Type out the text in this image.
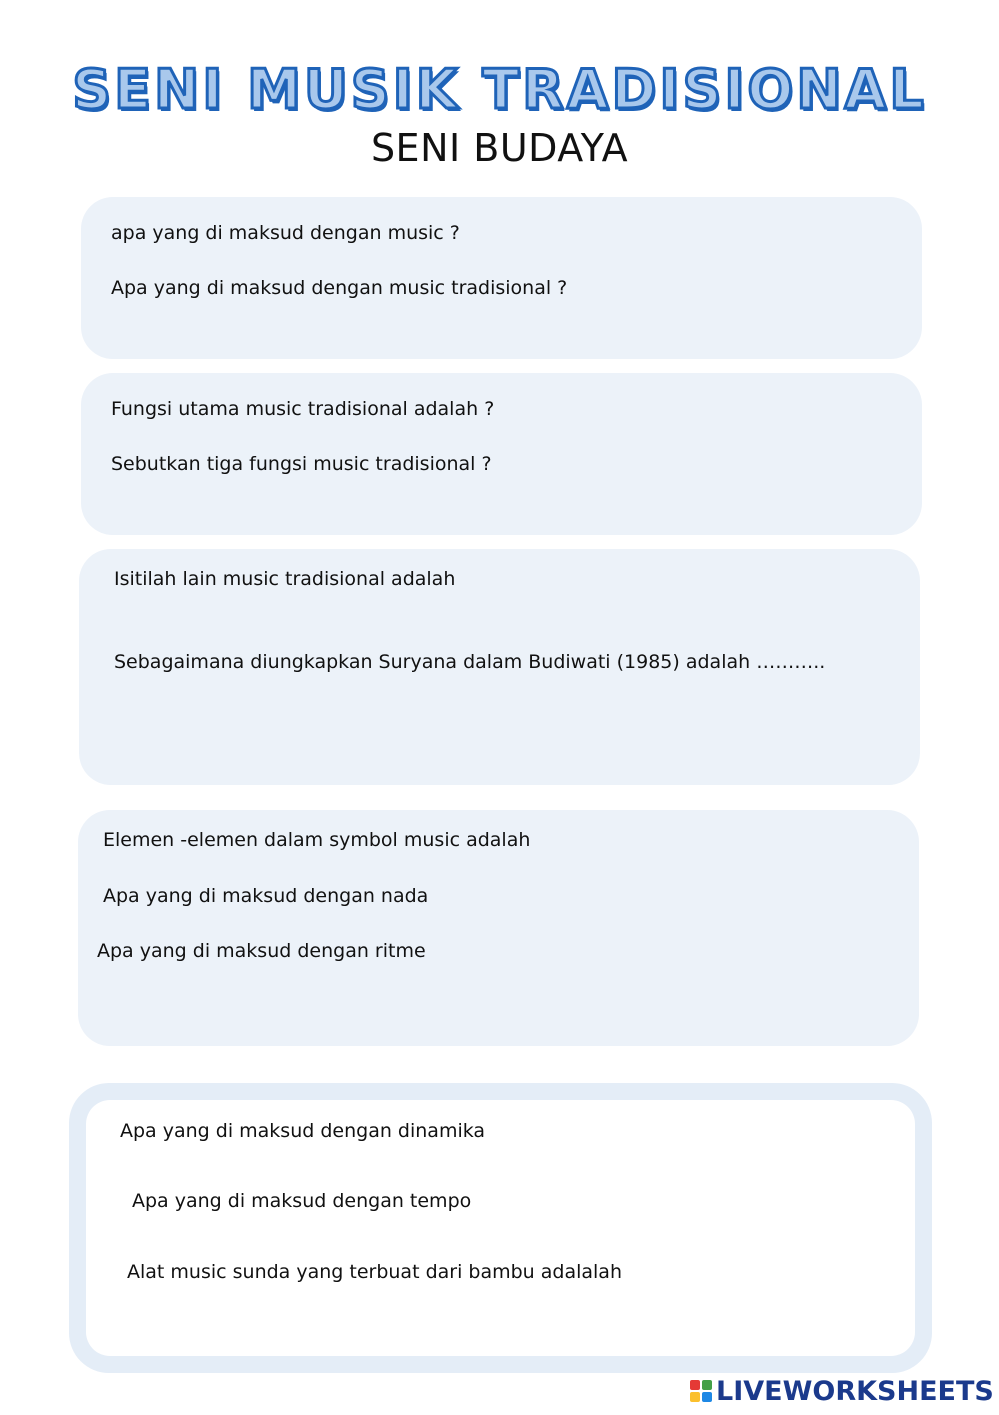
SENI MUSIK TRADISIONAL
SENI BUDAYA
apa yang di maksud dengan music ?
Apa yang di maksud dengan music tradisional ?
Fungsi utama music tradisional adalah ?
Sebutkan tiga fungsi music tradisional ?
Isitilah lain music tradisional adalah
Sebagaimana diungkapkan Suryana dalam Budiwati (1985) adalah ………..
Elemen -elemen dalam symbol music adalah
Apa yang di maksud dengan nada
Apa yang di maksud dengan ritme
Apa yang di maksud dengan dinamika
Apa yang di maksud dengan tempo
Alat music sunda yang terbuat dari bambu adalalah
LIVEWORKSHEETS
